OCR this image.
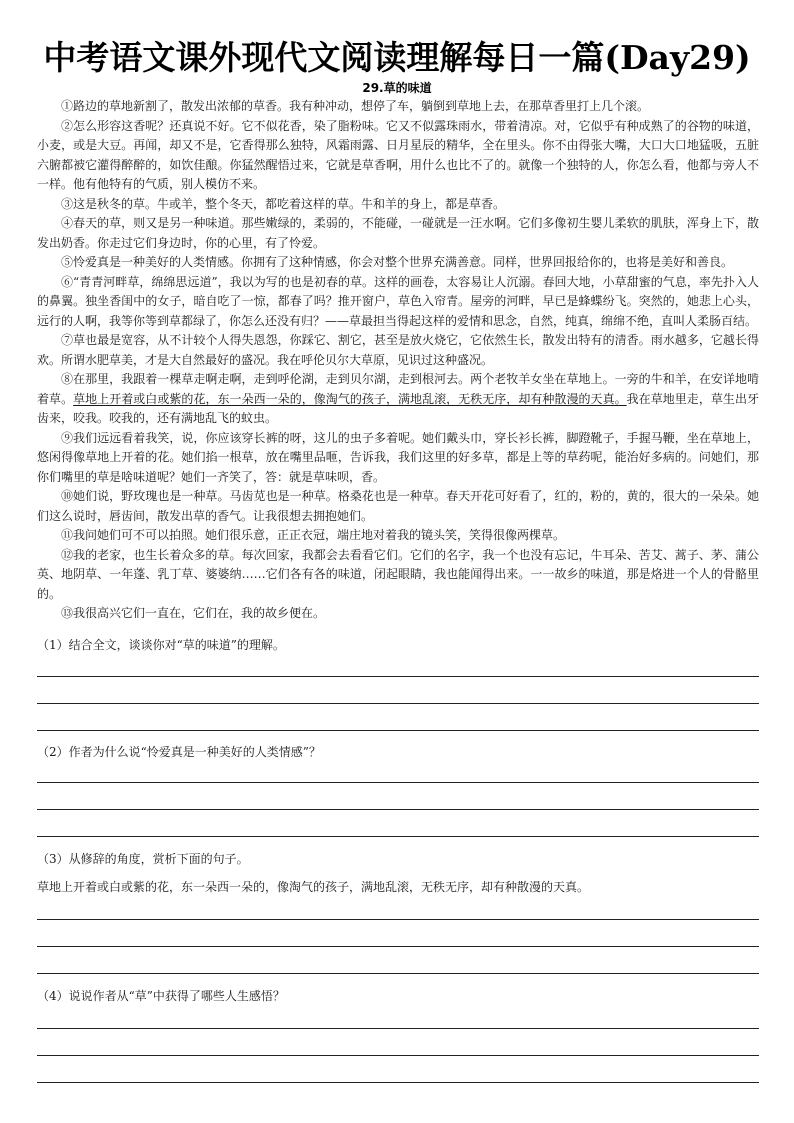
中考语文课外现代文阅读理解每日一篇(Day29)
29.草的味道

①路边的草地新割了，散发出浓郁的草香。我有种冲动，想停了车，躺倒到草地上去，在那草香里打上几个滚。

②怎么形容这香呢？还真说不好。它不似花香，染了脂粉味。它又不似露珠雨水，带着清凉。对，它似乎有种成熟了的谷物的味道，小麦，或是大豆。再闻，却又不是，它香得那么独特，风霜雨露、日月星辰的精华，全在里头。你不由得张大嘴，大口大口地猛吸，五脏六腑都被它灌得醉醉的，如饮佳酿。你猛然醒悟过来，它就是草香啊，用什么也比不了的。就像一个独特的人，你怎么看，他都与旁人不一样。他有他特有的气质，别人模仿不来。

③这是秋冬的草。牛或羊，整个冬天，都吃着这样的草。牛和羊的身上，都是草香。

④春天的草，则又是另一种味道。那些嫩绿的，柔弱的，不能碰，一碰就是一汪水啊。它们多像初生婴儿柔软的肌肤，浑身上下，散发出奶香。你走过它们身边时，你的心里，有了怜爱。

⑤怜爱真是一种美好的人类情感。你拥有了这种情感，你会对整个世界充满善意。同样，世界回报给你的，也将是美好和善良。

⑥“青青河畔草，绵绵思远道”，我以为写的也是初春的草。这样的画卷，太容易让人沉溺。春回大地，小草甜蜜的气息，率先扑入人的鼻翼。独坐香闺中的女子，暗自吃了一惊，都春了吗？推开窗户，草色入帘青。屋旁的河畔，早已是蜂蝶纷飞。突然的，她悲上心头，远行的人啊，我等你等到草都绿了，你怎么还没有归？——草最担当得起这样的爱情和思念，自然，纯真，绵绵不绝，直叫人柔肠百结。

⑦草也最是宽容，从不计较个人得失恩怨，你踩它、割它，甚至是放火烧它，它依然生长，散发出特有的清香。雨水越多，它越长得欢。所谓水肥草美，才是大自然最好的盛况。我在呼伦贝尔大草原，见识过这种盛况。

⑧在那里，我跟着一棵草走啊走啊，走到呼伦湖，走到贝尔湖，走到根河去。两个老牧羊女坐在草地上。一旁的牛和羊，在安详地啃着草。草地上开着或白或紫的花，东一朵西一朵的，像淘气的孩子，满地乱滚，无秩无序，却有种散漫的天真。我在草地里走，草生出牙齿来，咬我。咬我的，还有满地乱飞的蚊虫。

⑨我们远远看着我笑，说，你应该穿长裤的呀，这儿的虫子多着呢。她们戴头巾，穿长衫长裤，脚蹬靴子，手握马鞭，坐在草地上，悠闲得像草地上开着的花。她们掐一根草，放在嘴里品咂，告诉我，我们这里的好多草，都是上等的草药呢，能治好多病的。问她们，那你们嘴里的草是啥味道呢？她们一齐笑了，答：就是草味呗，香。

⑩她们说，野玫瑰也是一种草。马齿苋也是一种草。格桑花也是一种草。春天开花可好看了，红的，粉的，黄的，很大的一朵朵。她们这么说时，唇齿间，散发出草的香气。让我很想去拥抱她们。

⑪我问她们可不可以拍照。她们很乐意，正正衣冠，端庄地对着我的镜头笑，笑得很像两棵草。

⑫我的老家，也生长着众多的草。每次回家，我都会去看看它们。它们的名字，我一个也没有忘记，牛耳朵、苦艾、蒿子、茅、蒲公英、地阴草、一年蓬、乳丁草、婆婆纳……它们各有各的味道，闭起眼睛，我也能闻得出来。一一故乡的味道，那是烙进一个人的骨骼里的。

⑬我很高兴它们一直在，它们在，我的故乡便在。

（1）结合全文，谈谈你对“草的味道”的理解。
（2）作者为什么说“怜爱真是一种美好的人类情感”？
（3）从修辞的角度，赏析下面的句子。
草地上开着或白或紫的花，东一朵西一朵的，像淘气的孩子，满地乱滚，无秩无序，却有种散漫的天真。
（4）说说作者从“草”中获得了哪些人生感悟？
